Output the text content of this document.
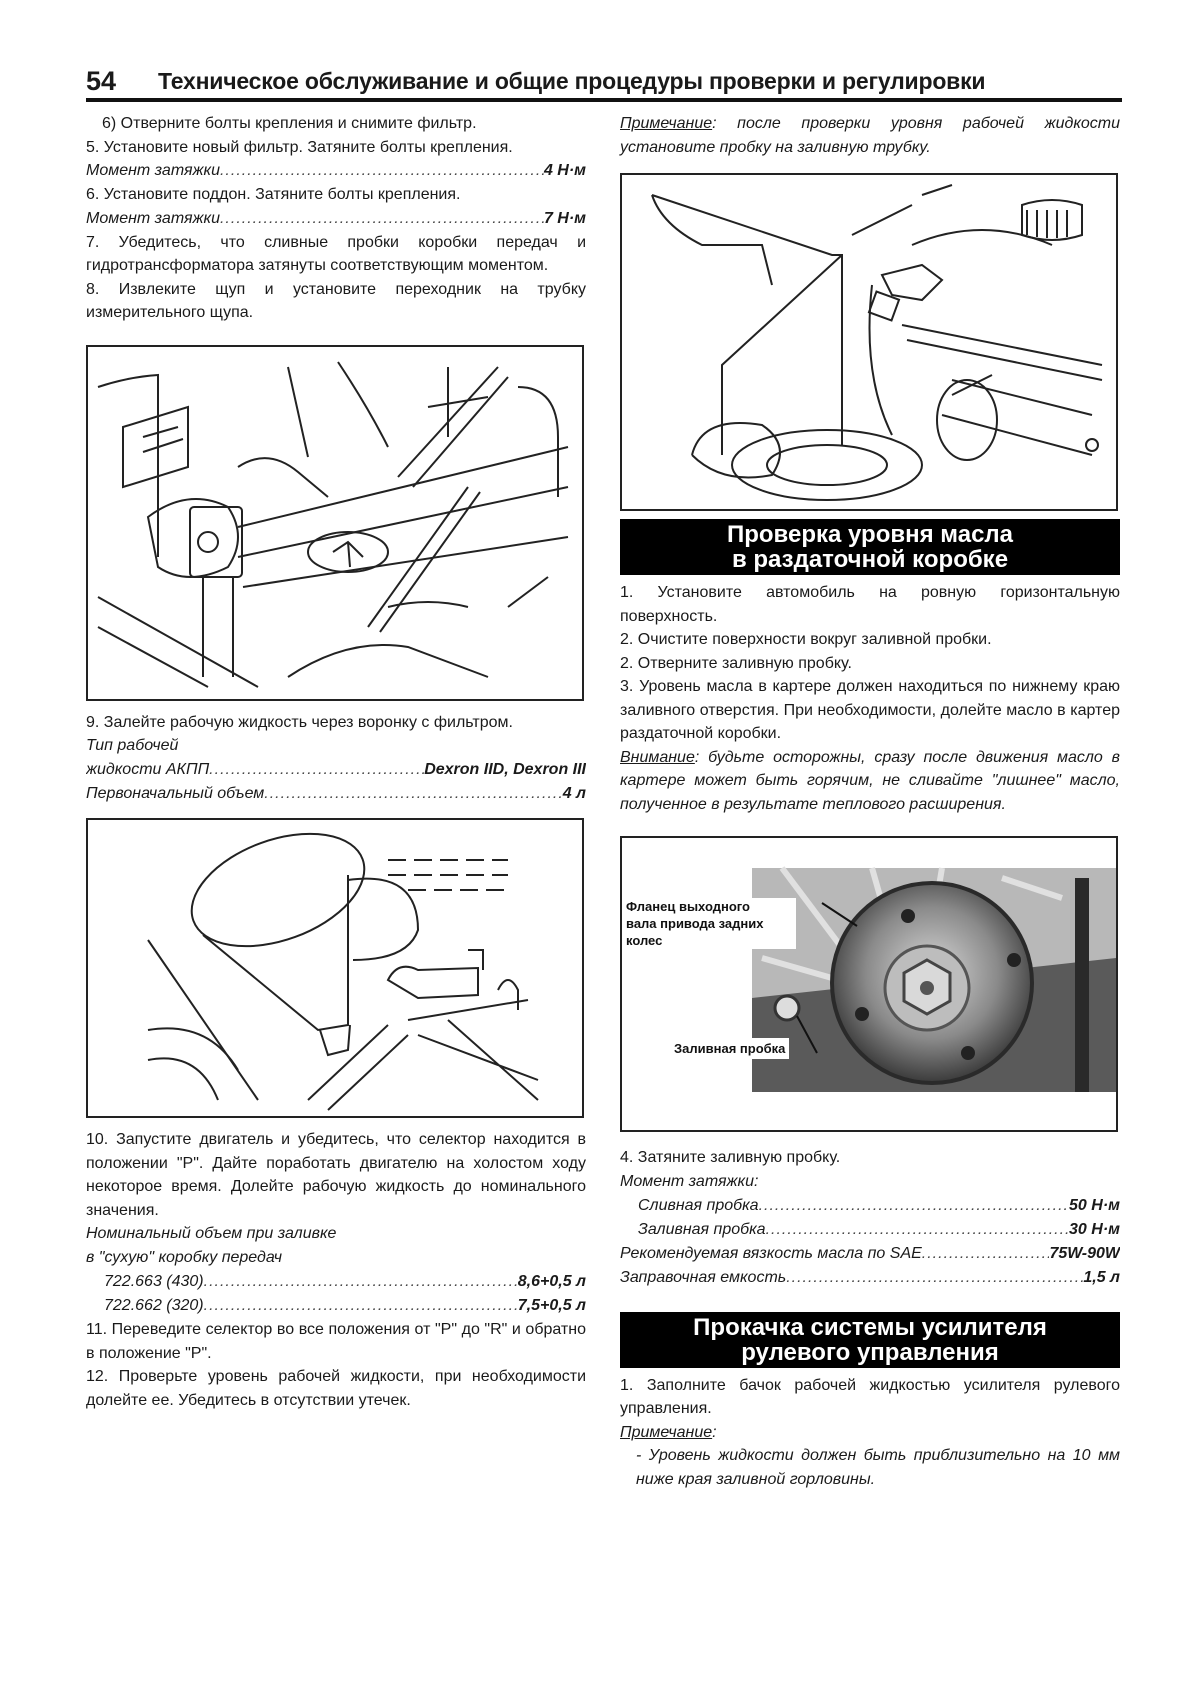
54 Техническое обслуживание и общие процедуры проверки и регулировки

6) Отверните болты крепления и снимите фильтр.

5. Установите новый фильтр. Затяните болты крепления.

Момент затяжки .....	4 Н·м

6. Установите поддон. Затяните болты крепления.

Момент затяжки .....	7 Н·м

7. Убедитесь, что сливные пробки коробки передач и гидротрансформатора затянуты соответствующим моментом.

8. Извлеките щуп и установите переходник на трубку измерительного щупа.

9. Залейте рабочую жидкость через воронку с фильтром.

Тип рабочей
жидкости АКПП .....	Dexron IID, Dexron III
Первоначальный объем .....	4 л

10. Запустите двигатель и убедитесь, что селектор находится в положении "P". Дайте поработать двигателю на холостом ходу некоторое время. Долейте рабочую жидкость до номинального значения.

Номинальный объем при заливке
в "сухую" коробку передач
722.663 (430) .....	8,6+0,5 л
722.662 (320) .....	7,5+0,5 л

11. Переведите селектор во все положения от "P" до "R" и обратно в положение "P".

12. Проверьте уровень рабочей жидкости, при необходимости долейте ее. Убедитесь в отсутствии утечек.

Примечание: после проверки уровня рабочей жидкости установите пробку на заливную трубку.

Проверка уровня масла
в раздаточной коробке

1. Установите автомобиль на ровную горизонтальную поверхность.

2. Очистите поверхности вокруг заливной пробки.

2. Отверните заливную пробку.

3. Уровень масла в картере должен находиться по нижнему краю заливного отверстия. При необходимости, долейте масло в картер раздаточной коробки.

Внимание: будьте осторожны, сразу после движения масло в картере может быть горячим, не сливайте "лишнее" масло, полученное в результате теплового расширения.

Фланец выходного
вала привода задних
колес
Заливная пробка

4. Затяните заливную пробку.

Момент затяжки:
Сливная пробка .....	50 Н·м
Заливная пробка .....	30 Н·м
Рекомендуемая вязкость масла по SAE .....	75W-90W
Заправочная емкость .....	1,5 л
Прокачка системы усилителя
рулевого управления

1. Заполните бачок рабочей жидкостью усилителя рулевого управления.

Примечание:

- Уровень жидкости должен быть приблизительно на 10 мм ниже края заливной горловины.
